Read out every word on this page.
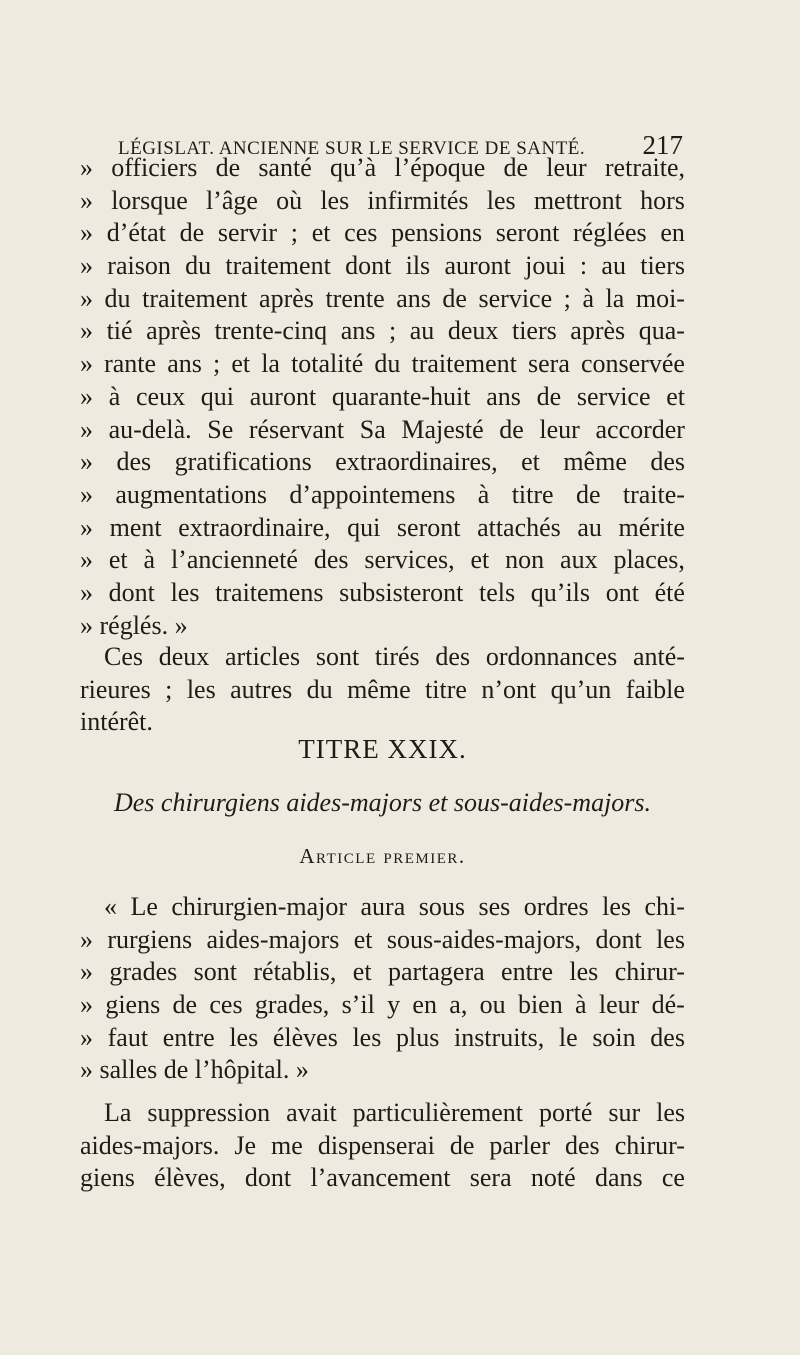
LÉGISLAT. ANCIENNE SUR LE SERVICE DE SANTÉ. 217
» officiers de santé qu’à l’époque de leur retraite,
» lorsque l’âge où les infirmités les mettront hors
» d’état de servir ; et ces pensions seront réglées en
» raison du traitement dont ils auront joui : au tiers
» du traitement après trente ans de service ; à la moi-
» tié après trente-cinq ans ; au deux tiers après qua-
» rante ans ; et la totalité du traitement sera conservée
» à ceux qui auront quarante-huit ans de service et
» au-delà. Se réservant Sa Majesté de leur accorder
» des gratifications extraordinaires, et même des
» augmentations d’appointemens à titre de traite-
» ment extraordinaire, qui seront attachés au mérite
» et à l’ancienneté des services, et non aux places,
» dont les traitemens subsisteront tels qu’ils ont été
» réglés. »
Ces deux articles sont tirés des ordonnances anté-
rieures ; les autres du même titre n’ont qu’un faible
intérêt.
TITRE XXIX.
Des chirurgiens aides-majors et sous-aides-majors.
Article premier.
« Le chirurgien-major aura sous ses ordres les chi-
» rurgiens aides-majors et sous-aides-majors, dont les
» grades sont rétablis, et partagera entre les chirur-
» giens de ces grades, s’il y en a, ou bien à leur dé-
» faut entre les élèves les plus instruits, le soin des
» salles de l’hôpital. »
La suppression avait particulièrement porté sur les
aides-majors. Je me dispenserai de parler des chirur-
giens élèves, dont l’avancement sera noté dans ce
